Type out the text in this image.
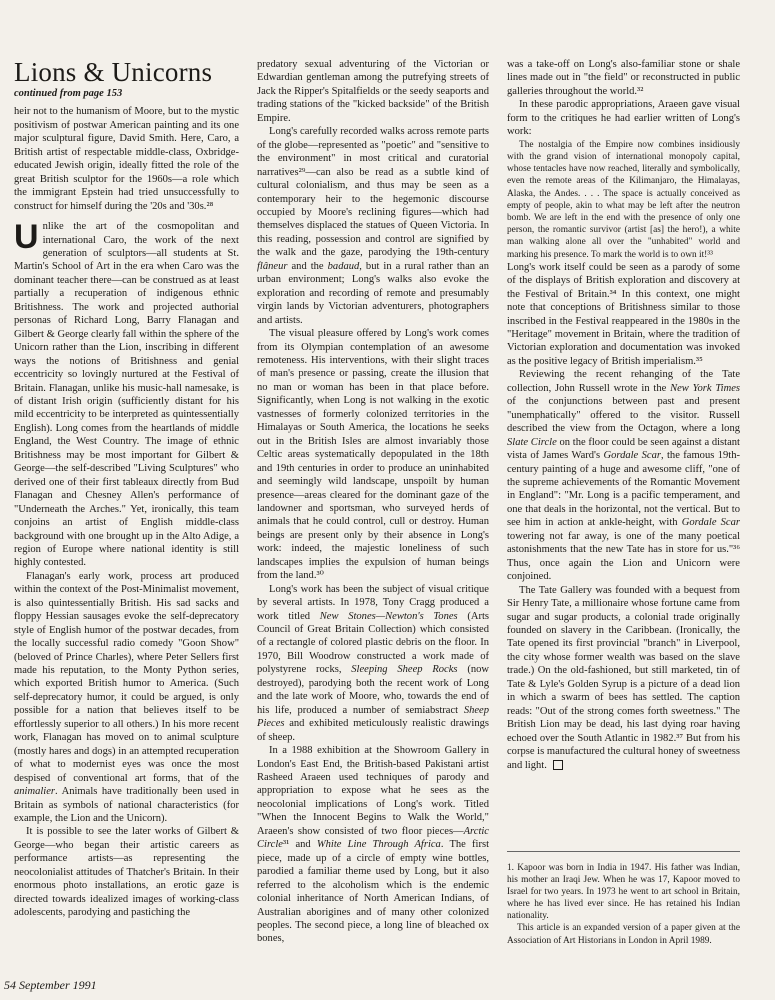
Lions & Unicorns
continued from page 153

heir not to the humanism of Moore, but to the mystic positivism of postwar American painting and its one major sculptural figure, David Smith. Here, Caro, a British artist of respectable middle-class, Oxbridge-educated Jewish origin, ideally fitted the role of the great British sculptor for the 1960s—a role which the immigrant Epstein had tried unsuccessfully to construct for himself during the '20s and '30s.²⁸

Unlike the art of the cosmopolitan and international Caro, the work of the next generation of sculptors—all students at St. Martin's School of Art in the era when Caro was the dominant teacher there—can be construed as at least partially a recuperation of indigenous ethnic Britishness. The work and projected authorial personas of Richard Long, Barry Flanagan and Gilbert & George clearly fall within the sphere of the Unicorn rather than the Lion, inscribing in different ways the notions of Britishness and genial eccentricity so lovingly nurtured at the Festival of Britain. Flanagan, unlike his music-hall namesake, is of distant Irish origin (sufficiently distant for his mild eccentricity to be interpreted as quintessentially English). Long comes from the heartlands of middle England, the West Country. The image of ethnic Britishness may be most important for Gilbert & George—the self-described "Living Sculptures" who derived one of their first tableaux directly from Bud Flanagan and Chesney Allen's performance of "Underneath the Arches." Yet, ironically, this team conjoins an artist of English middle-class background with one brought up in the Alto Adige, a region of Europe where national identity is still highly contested.

Flanagan's early work, process art produced within the context of the Post-Minimalist movement, is also quintessentially British. His sad sacks and floppy Hessian sausages evoke the self-deprecatory style of English humor of the postwar decades, from the locally successful radio comedy "Goon Show" (beloved of Prince Charles), where Peter Sellers first made his reputation, to the Monty Python series, which exported British humor to America. (Such self-deprecatory humor, it could be argued, is only possible for a nation that believes itself to be effortlessly superior to all others.) In his more recent work, Flanagan has moved on to animal sculpture (mostly hares and dogs) in an attempted recuperation of what to modernist eyes was once the most despised of conventional art forms, that of the animalier. Animals have traditionally been used in Britain as symbols of national characteristics (for example, the Lion and the Unicorn).

It is possible to see the later works of Gilbert & George—who began their artistic careers as performance artists—as representing the neocolonialist attitudes of Thatcher's Britain. In their enormous photo installations, an erotic gaze is directed towards idealized images of working-class adolescents, parodying and pastiching the

predatory sexual adventuring of the Victorian or Edwardian gentleman among the putrefying streets of Jack the Ripper's Spitalfields or the seedy seaports and trading stations of the "kicked backside" of the British Empire.

Long's carefully recorded walks across remote parts of the globe—represented as "poetic" and "sensitive to the environment" in most critical and curatorial narratives²⁹—can also be read as a subtle kind of cultural colonialism, and thus may be seen as a contemporary heir to the hegemonic discourse occupied by Moore's reclining figures—which had themselves displaced the statues of Queen Victoria. In this reading, possession and control are signified by the walk and the gaze, parodying the 19th-century flâneur and the badaud, but in a rural rather than an urban environment; Long's walks also evoke the exploration and recording of remote and presumably virgin lands by Victorian adventurers, photographers and artists.

The visual pleasure offered by Long's work comes from its Olympian contemplation of an awesome remoteness. His interventions, with their slight traces of man's presence or passing, create the illusion that no man or woman has been in that place before. Significantly, when Long is not walking in the exotic vastnesses of formerly colonized territories in the Himalayas or South America, the locations he seeks out in the British Isles are almost invariably those Celtic areas systematically depopulated in the 18th and 19th centuries in order to produce an uninhabited and seemingly wild landscape, unspoilt by human presence—areas cleared for the dominant gaze of the landowner and sportsman, who surveyed herds of animals that he could control, cull or destroy. Human beings are present only by their absence in Long's work: indeed, the majestic loneliness of such landscapes implies the expulsion of human beings from the land.³⁰

Long's work has been the subject of visual critique by several artists. In 1978, Tony Cragg produced a work titled New Stones—Newton's Tones (Arts Council of Great Britain Collection) which consisted of a rectangle of colored plastic debris on the floor. In 1970, Bill Woodrow constructed a work made of polystyrene rocks, Sleeping Sheep Rocks (now destroyed), parodying both the recent work of Long and the late work of Moore, who, towards the end of his life, produced a number of semiabstract Sheep Pieces and exhibited meticulously realistic drawings of sheep.

In a 1988 exhibition at the Showroom Gallery in London's East End, the British-based Pakistani artist Rasheed Araeen used techniques of parody and appropriation to expose what he sees as the neocolonial implications of Long's work. Titled "When the Innocent Begins to Walk the World," Araeen's show consisted of two floor pieces—Arctic Circle³¹ and White Line Through Africa. The first piece, made up of a circle of empty wine bottles, parodied a familiar theme used by Long, but it also referred to the alcoholism which is the endemic colonial inheritance of North American Indians, of Australian aborigines and of many other colonized peoples. The second piece, a long line of bleached ox bones,

was a take-off on Long's also-familiar stone or shale lines made out in "the field" or reconstructed in public galleries throughout the world.³²

In these parodic appropriations, Araeen gave visual form to the critiques he had earlier written of Long's work:

The nostalgia of the Empire now combines insidiously with the grand vision of international monopoly capital, whose tentacles have now reached, literally and symbolically, even the remote areas of the Kilimanjaro, the Himalayas, Alaska, the Andes. . . . The space is actually conceived as empty of people, akin to what may be left after the neutron bomb. We are left in the end with the presence of only one person, the romantic survivor (artist [as] the hero!), a white man walking alone all over the "unhabited" world and marking his presence. To mark the world is to own it!³³

Long's work itself could be seen as a parody of some of the displays of British exploration and discovery at the Festival of Britain.³⁴ In this context, one might note that conceptions of Britishness similar to those inscribed in the Festival reappeared in the 1980s in the "Heritage" movement in Britain, where the tradition of Victorian exploration and documentation was invoked as the positive legacy of British imperialism.³⁵

Reviewing the recent rehanging of the Tate collection, John Russell wrote in the New York Times of the conjunctions between past and present "unemphatically" offered to the visitor. Russell described the view from the Octagon, where a long Slate Circle on the floor could be seen against a distant vista of James Ward's Gordale Scar, the famous 19th-century painting of a huge and awesome cliff, "one of the supreme achievements of the Romantic Movement in England": "Mr. Long is a pacific temperament, and one that deals in the horizontal, not the vertical. But to see him in action at ankle-height, with Gordale Scar towering not far away, is one of the many poetical astonishments that the new Tate has in store for us."³⁶ Thus, once again the Lion and Unicorn were conjoined.

The Tate Gallery was founded with a bequest from Sir Henry Tate, a millionaire whose fortune came from sugar and sugar products, a colonial trade originally founded on slavery in the Caribbean. (Ironically, the Tate opened its first provincial "branch" in Liverpool, the city whose former wealth was based on the slave trade.) On the old-fashioned, but still marketed, tin of Tate & Lyle's Golden Syrup is a picture of a dead lion in which a swarm of bees has settled. The caption reads: "Out of the strong comes forth sweetness." The British Lion may be dead, his last dying roar having echoed over the South Atlantic in 1982.³⁷ But from his corpse is manufactured the cultural honey of sweetness and light.

1. Kapoor was born in India in 1947. His father was Indian, his mother an Iraqi Jew. When he was 17, Kapoor moved to Israel for two years. In 1973 he went to art school in Britain, where he has lived ever since. He has retained his Indian nationality.

This article is an expanded version of a paper given at the Association of Art Historians in London in April 1989.

54 September 1991
